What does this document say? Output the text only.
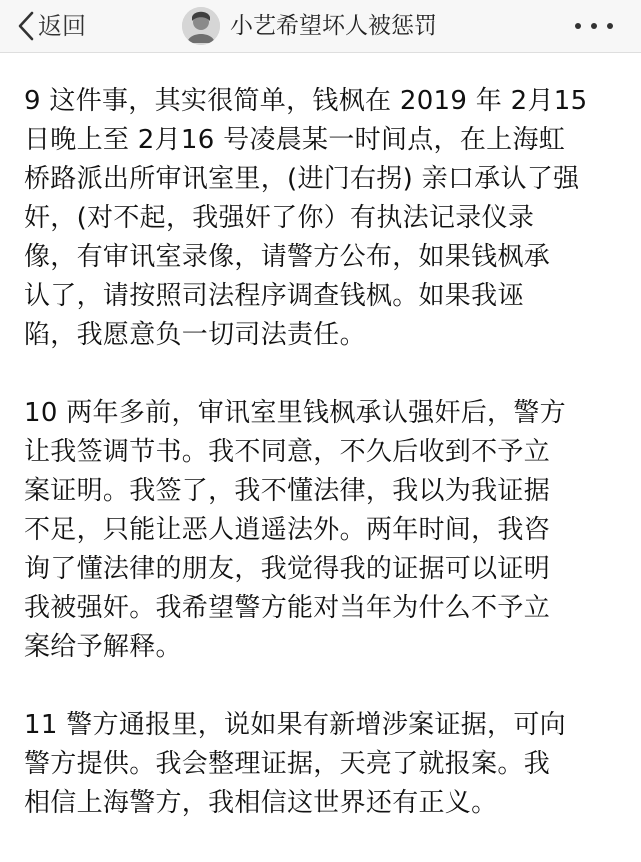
返回	小艺希望坏人被惩罚

9 这件事，其实很简单，钱枫在 2019 年 2月15
日晚上至 2月16 号凌晨某一时间点，在上海虹
桥路派出所审讯室里，(进门右拐) 亲口承认了强
奸，(对不起，我强奸了你）有执法记录仪录
像，有审讯室录像，请警方公布，如果钱枫承
认了，请按照司法程序调查钱枫。如果我诬
陷，我愿意负一切司法责任。

10 两年多前，审讯室里钱枫承认强奸后，警方
让我签调节书。我不同意，不久后收到不予立
案证明。我签了，我不懂法律，我以为我证据
不足，只能让恶人逍遥法外。两年时间，我咨
询了懂法律的朋友，我觉得我的证据可以证明
我被强奸。我希望警方能对当年为什么不予立
案给予解释。

11 警方通报里，说如果有新增涉案证据，可向
警方提供。我会整理证据，天亮了就报案。我
相信上海警方，我相信这世界还有正义。
